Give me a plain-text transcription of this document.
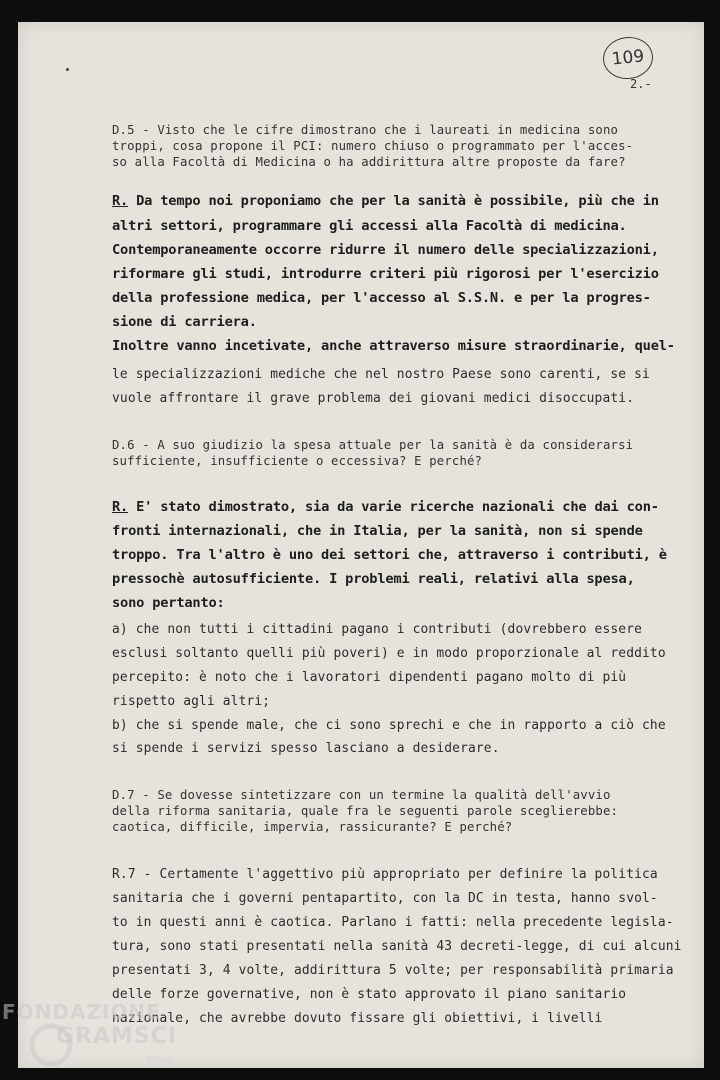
109

2.-

D.5 - Visto che le cifre dimostrano che i laureati in medicina sono

troppi, cosa propone il PCI: numero chiuso o programmato per l'acces-

so alla Facoltà di Medicina o ha addirittura altre proposte da fare?

R. Da tempo noi proponiamo che per la sanità è possibile, più che in

altri settori, programmare gli accessi alla Facoltà di medicina.

Contemporaneamente occorre ridurre il numero delle specializzazioni,

riformare gli studi, introdurre criteri più rigorosi per l'esercizio

della professione medica, per l'accesso al S.S.N. e per la progres-

sione di carriera.

Inoltre vanno incetivate, anche attraverso misure straordinarie, quel-

le specializzazioni mediche che nel nostro Paese sono carenti, se si

vuole affrontare il grave problema dei giovani medici disoccupati.

D.6 - A suo giudizio la spesa attuale per la sanità è da considerarsi

sufficiente, insufficiente o eccessiva? E perché?

R. E' stato dimostrato, sia da varie ricerche nazionali che dai con-

fronti internazionali, che in Italia, per la sanità, non si spende

troppo. Tra l'altro è uno dei settori che, attraverso i contributi, è

pressochè autosufficiente. I problemi reali, relativi alla spesa,

sono pertanto:

a) che non tutti i cittadini pagano i contributi (dovrebbero essere

esclusi soltanto quelli più poveri) e in modo proporzionale al reddito

percepito: è noto che i lavoratori dipendenti pagano molto di più

rispetto agli altri;

b) che si spende male, che ci sono sprechi e che in rapporto a ciò che

si spende i servizi spesso lasciano a desiderare.

D.7 - Se dovesse sintetizzare con un termine la qualità dell'avvio

della riforma sanitaria, quale fra le seguenti parole sceglierebbe:

caotica, difficile, impervia, rassicurante? E perché?

R.7 - Certamente l'aggettivo più appropriato per definire la politica

sanitaria che i governi pentapartito, con la DC in testa, hanno svol-

to in questi anni è caotica. Parlano i fatti: nella precedente legisla-

tura, sono stati presentati nella sanità 43 decreti-legge, di cui alcuni

presentati 3, 4 volte, addirittura 5 volte; per responsabilità primaria

delle forze governative, non è stato approvato il piano sanitario

nazionale, che avrebbe dovuto fissare gli obiettivi, i livelli

FONDAZIONE

GRAMSCI

onlus
